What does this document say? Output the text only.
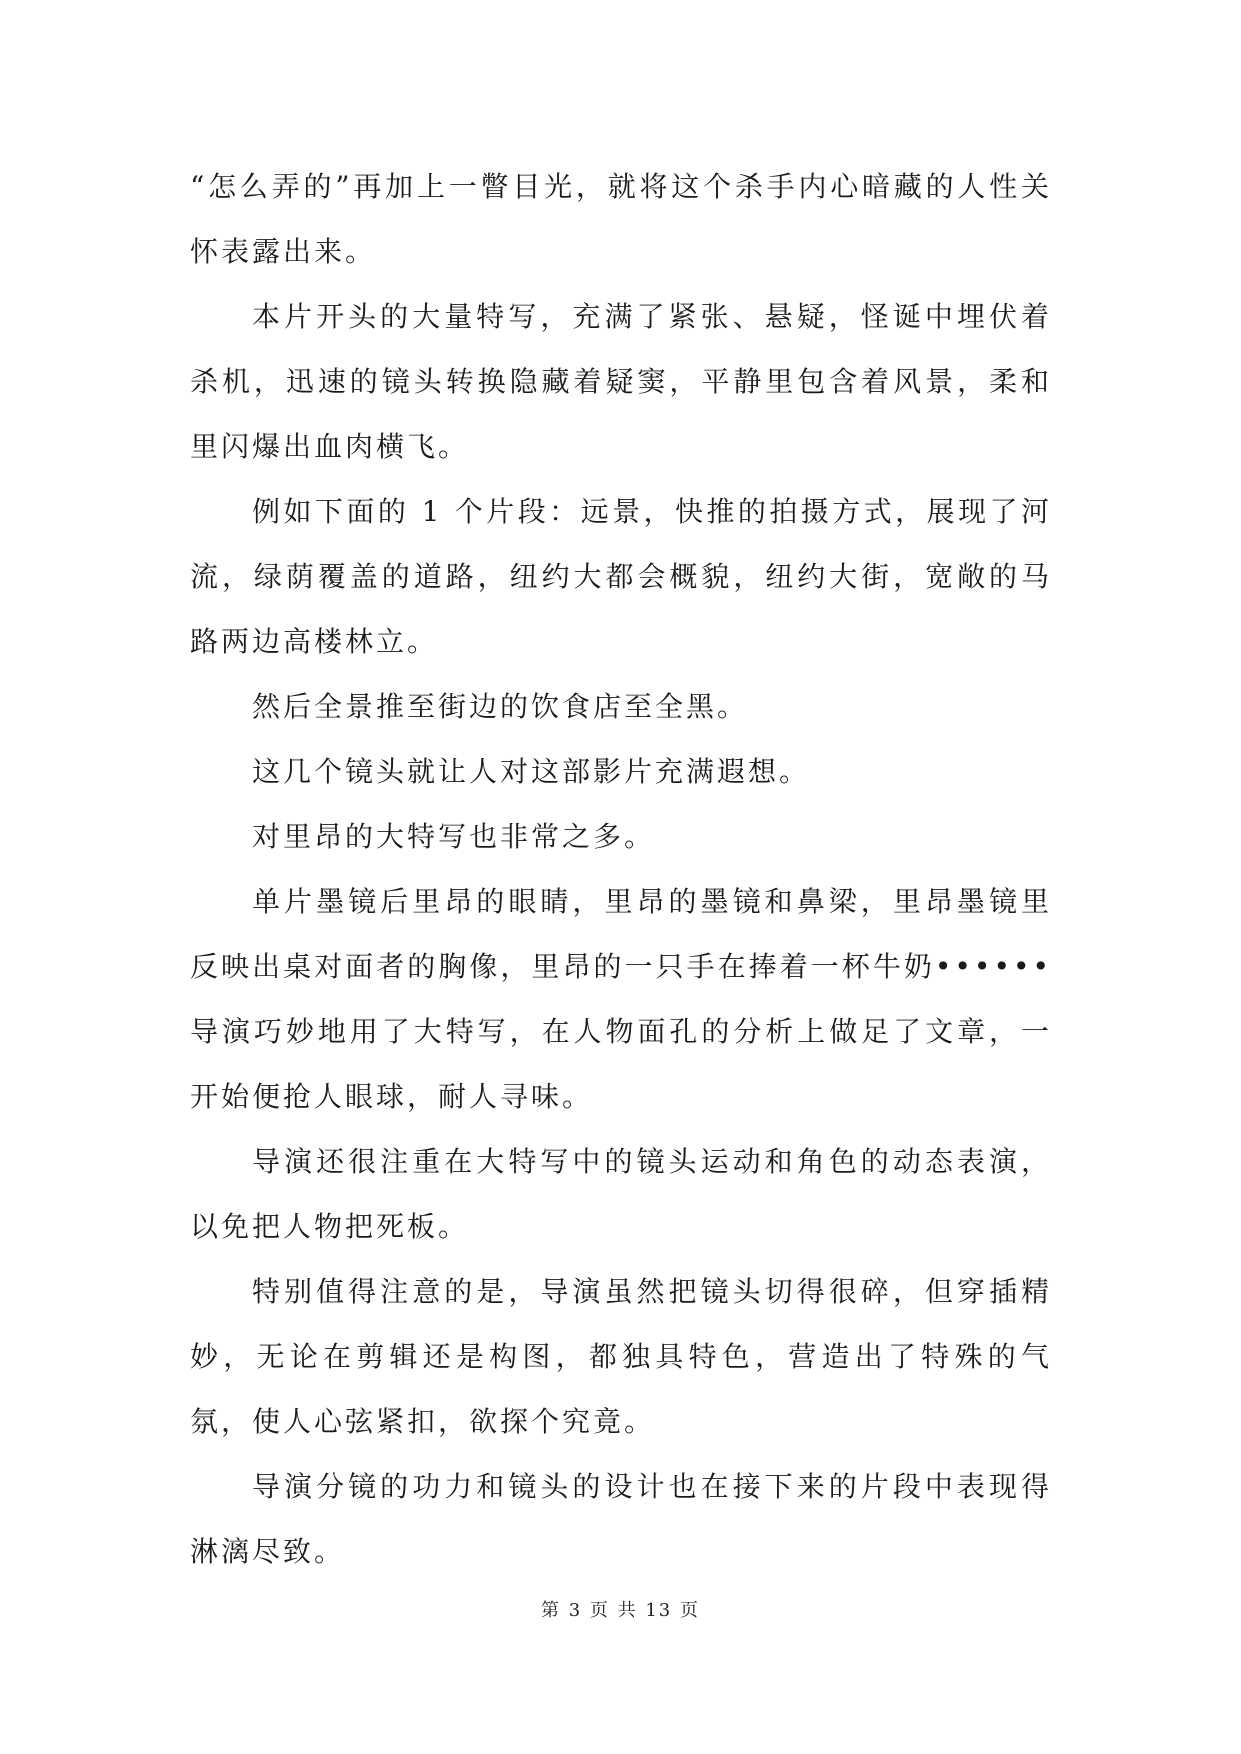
“怎么弄的”再加上一瞥目光，就将这个杀手内心暗藏的人性关怀表露出来。

本片开头的大量特写，充满了紧张、悬疑，怪诞中埋伏着杀机，迅速的镜头转换隐藏着疑窦，平静里包含着风景，柔和里闪爆出血肉横飞。

例如下面的 1 个片段：远景，快推的拍摄方式，展现了河流，绿荫覆盖的道路，纽约大都会概貌，纽约大街，宽敞的马路两边高楼林立。

然后全景推至街边的饮食店至全黑。

这几个镜头就让人对这部影片充满遐想。

对里昂的大特写也非常之多。

单片墨镜后里昂的眼睛，里昂的墨镜和鼻梁，里昂墨镜里反映出桌对面者的胸像，里昂的一只手在捧着一杯牛奶••••••导演巧妙地用了大特写，在人物面孔的分析上做足了文章，一开始便抢人眼球，耐人寻味。

导演还很注重在大特写中的镜头运动和角色的动态表演，以免把人物把死板。

特别值得注意的是，导演虽然把镜头切得很碎，但穿插精妙，无论在剪辑还是构图，都独具特色，营造出了特殊的气氛，使人心弦紧扣，欲探个究竟。

导演分镜的功力和镜头的设计也在接下来的片段中表现得淋漓尽致。

第 3 页 共 13 页
